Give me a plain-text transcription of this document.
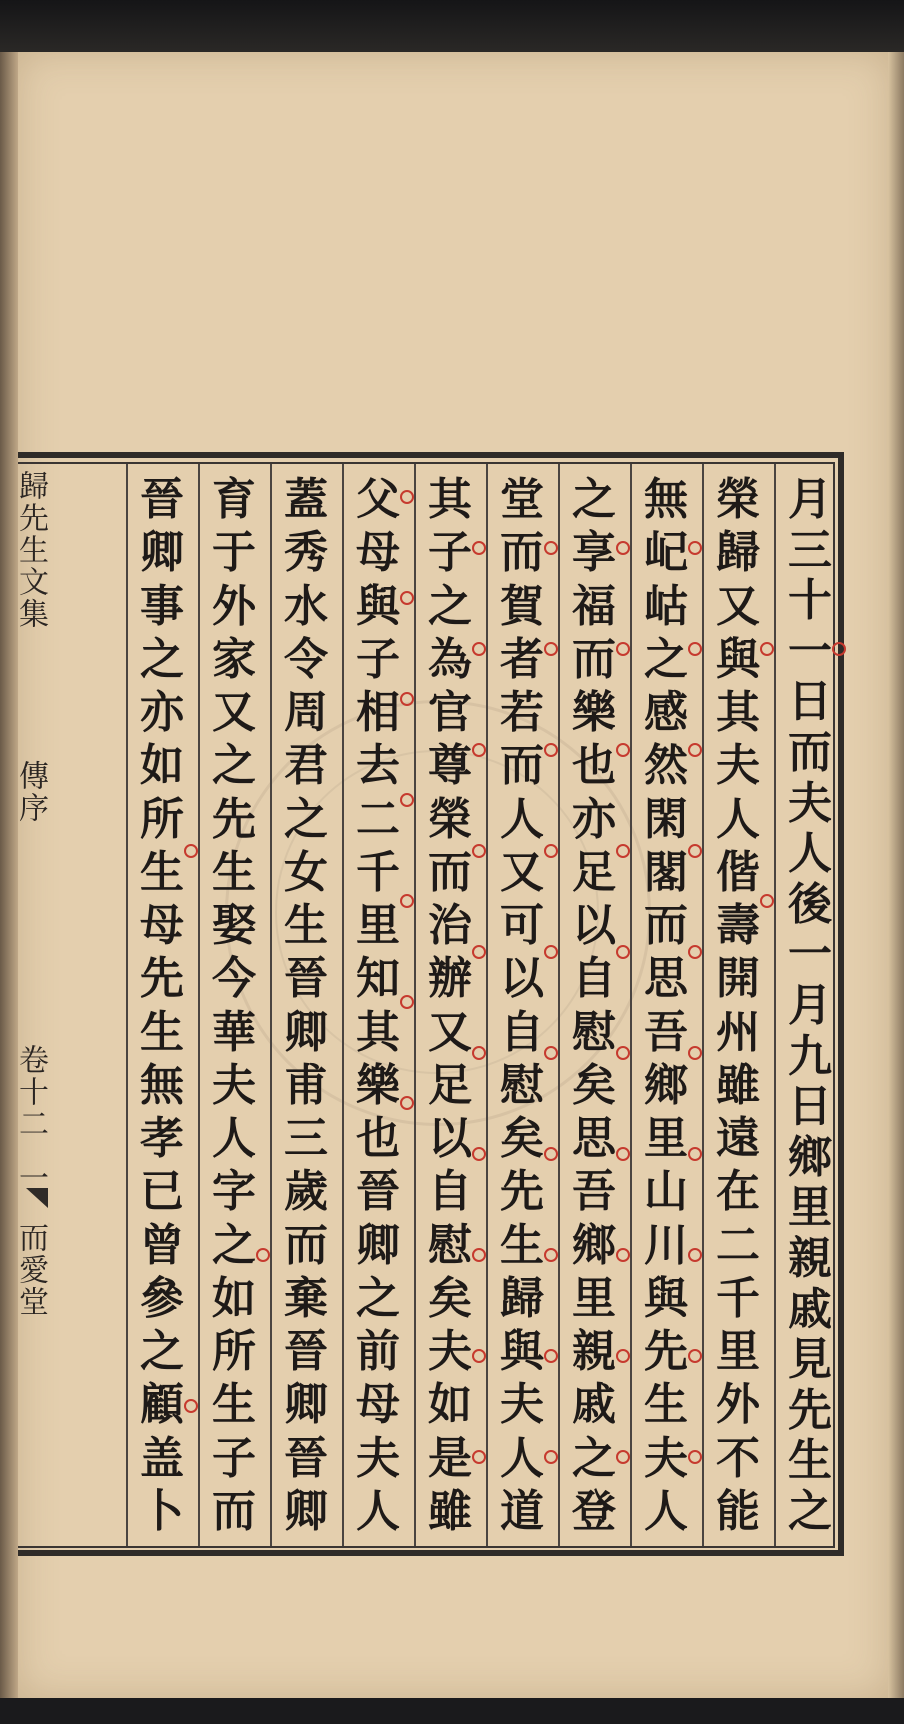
歸先生文集
傳序
卷十二
一
而愛堂
月
三
十
一
日
而
夫
人
後
一
月
九
日
鄉
里
親
戚
見
先
生
之
榮
歸
又
與
其
夫
人
偕
壽
開
州
雖
遠
在
二
千
里
外
不
能
無
屺
岵
之
感
然
閑
閣
而
思
吾
鄉
里
山
川
與
先
生
夫
人
之
享
福
而
樂
也
亦
足
以
自
慰
矣
思
吾
鄉
里
親
戚
之
登
堂
而
賀
者
若
而
人
又
可
以
自
慰
矣
先
生
歸
與
夫
人
道
其
子
之
為
官
尊
榮
而
治
辦
又
足
以
自
慰
矣
夫
如
是
雖
父
母
與
子
相
去
二
千
里
知
其
樂
也
晉
卿
之
前
母
夫
人
蓋
秀
水
令
周
君
之
女
生
晉
卿
甫
三
歲
而
棄
晉
卿
晉
卿
育
于
外
家
又
之
先
生
娶
今
華
夫
人
字
之
如
所
生
子
而
晉
卿
事
之
亦
如
所
生
母
先
生
無
孝
已
曾
參
之
顧
盖
卜
